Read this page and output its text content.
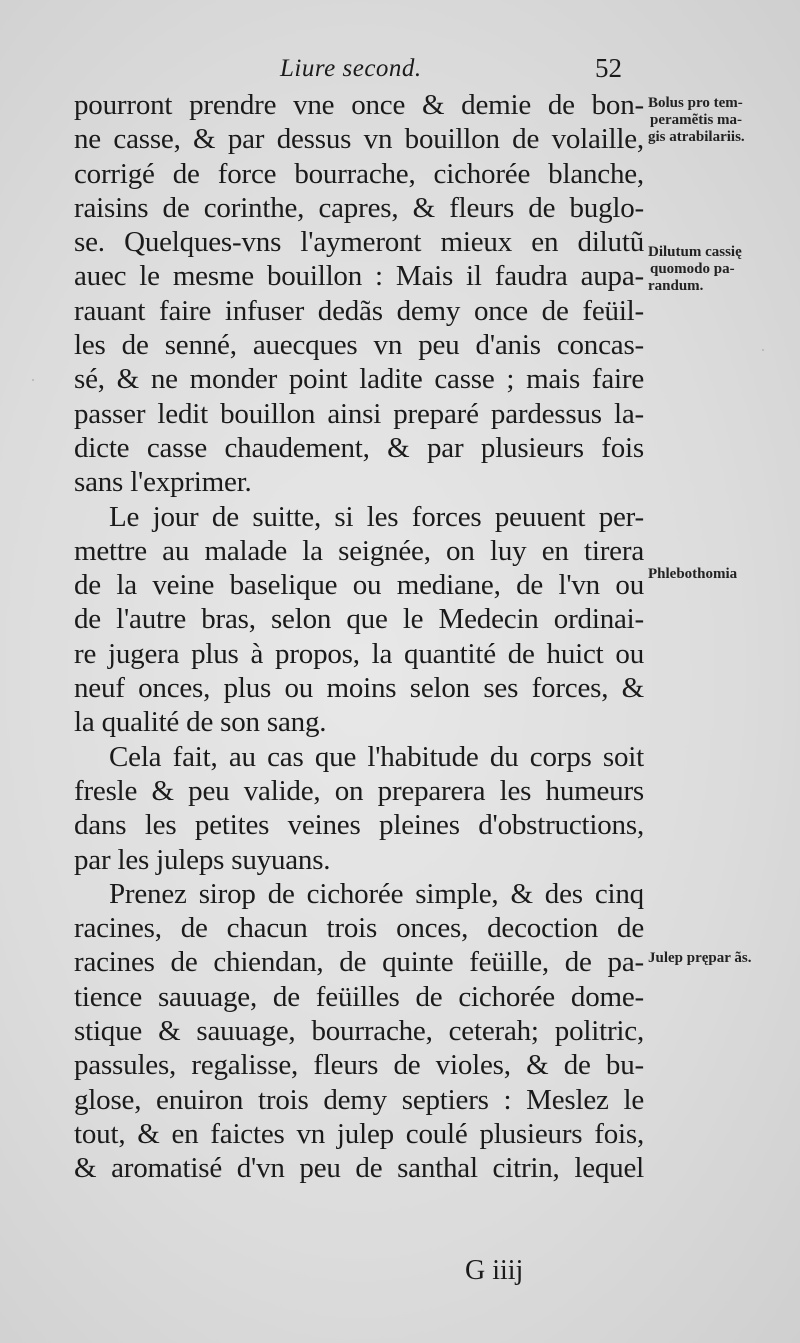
·
·
Liure second.	52
pourront prendre vne once & demie de bon-
ne casse, & par dessus vn bouillon de volaille,
corrigé de force bourrache, cichorée blanche,
raisins de corinthe, capres, & fleurs de buglo-
se. Quelques-vns l'aymeront mieux en dilutũ
auec le mesme bouillon : Mais il faudra aupa-
rauant faire infuser dedãs demy once de feüil-
les de senné, auecques vn peu d'anis concas-
sé, & ne monder point ladite casse ; mais faire
passer ledit bouillon ainsi preparé pardessus la-
dicte casse chaudement, & par plusieurs fois
sans l'exprimer.
Le jour de suitte, si les forces peuuent per-
mettre au malade la seignée, on luy en tirera
de la veine baselique ou mediane, de l'vn ou
de l'autre bras, selon que le Medecin ordinai-
re jugera plus à propos, la quantité de huict ou
neuf onces, plus ou moins selon ses forces, &
la qualité de son sang.
Cela fait, au cas que l'habitude du corps soit
fresle & peu valide, on preparera les humeurs
dans les petites veines pleines d'obstructions,
par les juleps suyuans.
Prenez sirop de cichorée simple, & des cinq
racines, de chacun trois onces, decoction de
racines de chiendan, de quinte feüille, de pa-
tience sauuage, de feüilles de cichorée dome-
stique & sauuage, bourrache, ceterah; politric,
passules, regalisse, fleurs de violes, & de bu-
glose, enuiron trois demy septiers : Meslez le
tout, & en faictes vn julep coulé plusieurs fois,
& aromatisé d'vn peu de santhal citrin, lequel
Bolus pro tem-
peramẽtis ma-
gis atrabilariis.
Dilutum cassię
quomodo pa-
randum.
Phlebothomia
Julep prępar ãs.
G iiij
